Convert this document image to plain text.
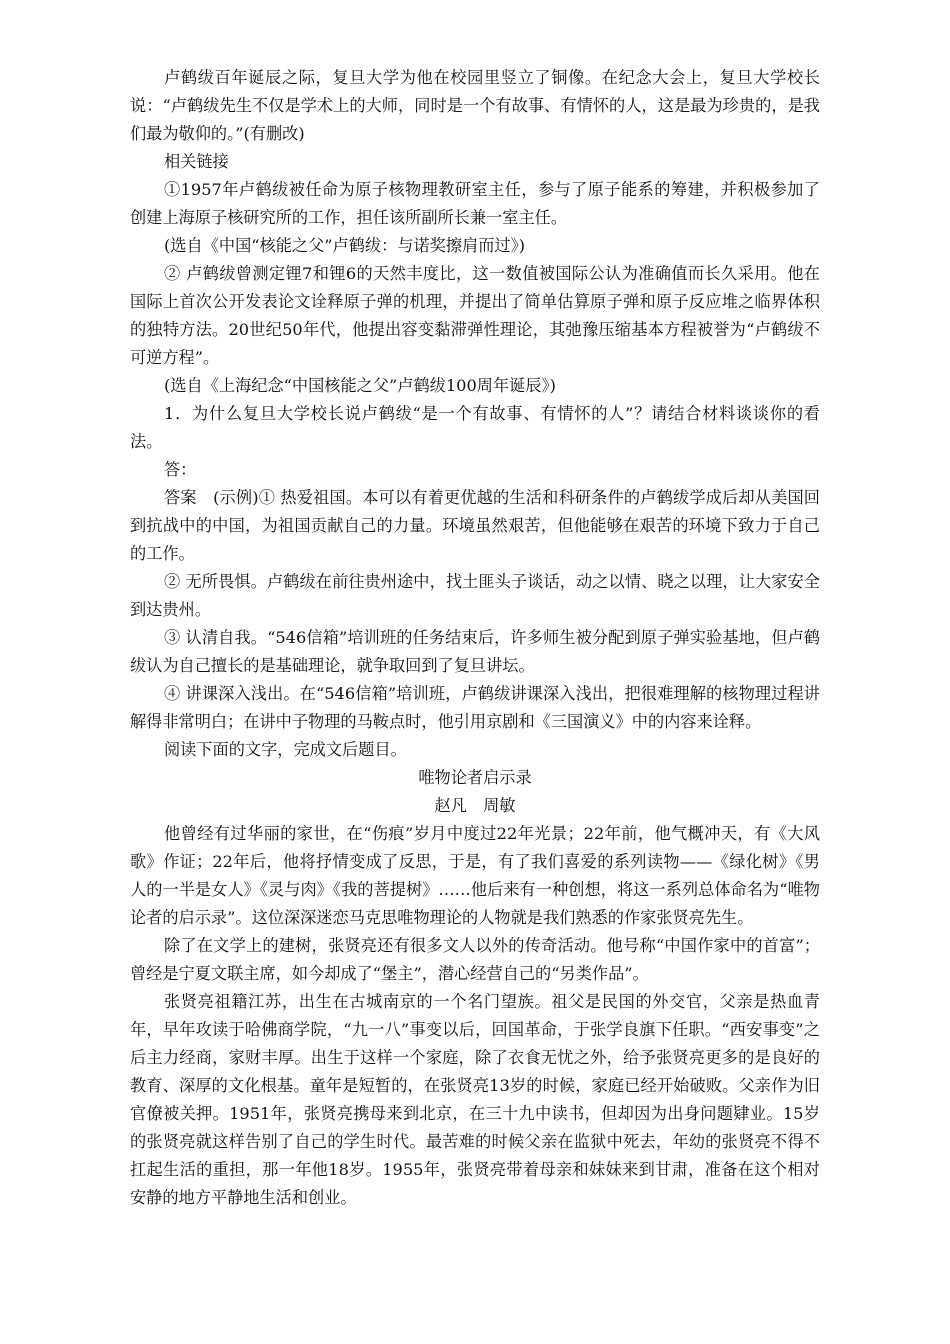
卢鹤绂百年诞辰之际，复旦大学为他在校园里竖立了铜像。在纪念大会上，复旦大学校长说：“卢鹤绂先生不仅是学术上的大师，同时是一个有故事、有情怀的人，这是最为珍贵的，是我们最为敬仰的。”(有删改)

相关链接

①1957年卢鹤绂被任命为原子核物理教研室主任，参与了原子能系的筹建，并积极参加了创建上海原子核研究所的工作，担任该所副所长兼一室主任。

(选自《中国“核能之父”卢鹤绂：与诺奖擦肩而过》)

② 卢鹤绂曾测定锂7和锂6的天然丰度比，这一数值被国际公认为准确值而长久采用。他在国际上首次公开发表论文诠释原子弹的机理，并提出了简单估算原子弹和原子反应堆之临界体积的独特方法。20世纪50年代，他提出容变黏滞弹性理论，其弛豫压缩基本方程被誉为“卢鹤绂不可逆方程”。

(选自《上海纪念“中国核能之父”卢鹤绂100周年诞辰》)

1．为什么复旦大学校长说卢鹤绂“是一个有故事、有情怀的人”？请结合材料谈谈你的看法。

答：

答案　(示例)① 热爱祖国。本可以有着更优越的生活和科研条件的卢鹤绂学成后却从美国回到抗战中的中国，为祖国贡献自己的力量。环境虽然艰苦，但他能够在艰苦的环境下致力于自己的工作。

② 无所畏惧。卢鹤绂在前往贵州途中，找土匪头子谈话，动之以情、晓之以理，让大家安全到达贵州。

③ 认清自我。“546信箱”培训班的任务结束后，许多师生被分配到原子弹实验基地，但卢鹤绂认为自己擅长的是基础理论，就争取回到了复旦讲坛。

④ 讲课深入浅出。在“546信箱”培训班，卢鹤绂讲课深入浅出，把很难理解的核物理过程讲解得非常明白；在讲中子物理的马鞍点时，他引用京剧和《三国演义》中的内容来诠释。

阅读下面的文字，完成文后题目。

唯物论者启示录

赵凡　周敏

他曾经有过华丽的家世，在“伤痕”岁月中度过22年光景；22年前，他气概冲天，有《大风歌》作证；22年后，他将抒情变成了反思，于是，有了我们喜爱的系列读物——《绿化树》《男人的一半是女人》《灵与肉》《我的菩提树》……他后来有一种创想，将这一系列总体命名为“唯物论者的启示录”。这位深深迷恋马克思唯物理论的人物就是我们熟悉的作家张贤亮先生。

除了在文学上的建树，张贤亮还有很多文人以外的传奇活动。他号称“中国作家中的首富”；曾经是宁夏文联主席，如今却成了“堡主”，潜心经营自己的“另类作品”。

张贤亮祖籍江苏，出生在古城南京的一个名门望族。祖父是民国的外交官，父亲是热血青年，早年攻读于哈佛商学院，“九一八”事变以后，回国革命，于张学良旗下任职。“西安事变”之后主力经商，家财丰厚。出生于这样一个家庭，除了衣食无忧之外，给予张贤亮更多的是良好的教育、深厚的文化根基。童年是短暂的，在张贤亮13岁的时候，家庭已经开始破败。父亲作为旧官僚被关押。1951年，张贤亮携母来到北京，在三十九中读书，但却因为出身问题肄业。15岁的张贤亮就这样告别了自己的学生时代。最苦难的时候父亲在监狱中死去，年幼的张贤亮不得不扛起生活的重担，那一年他18岁。1955年，张贤亮带着母亲和妹妹来到甘肃，准备在这个相对安静的地方平静地生活和创业。
